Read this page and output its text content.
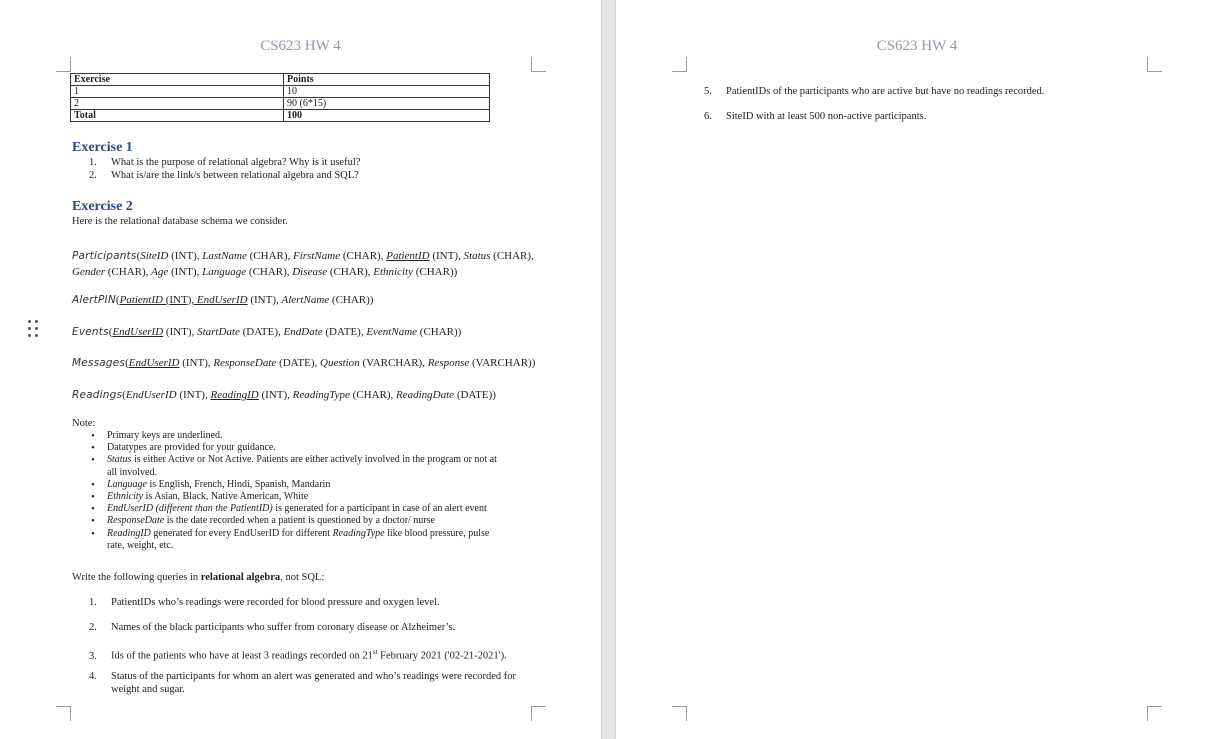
CS623 HW 4
Exercise	Points
1	10
2	90 (6*15)
Total	100
Exercise 1
1. What is the purpose of relational algebra? Why is it useful?
2. What is/are the link/s between relational algebra and SQL?
Exercise 2
Here is the relational database schema we consider.
Participants(SiteID (INT), LastName (CHAR), FirstName (CHAR), PatientID (INT), Status (CHAR),
Gender (CHAR), Age (INT), Language (CHAR), Disease (CHAR), Ethnicity (CHAR))
AlertPIN(PatientID (INT), EndUserID (INT), AlertName (CHAR))
Events(EndUserID (INT), StartDate (DATE), EndDate (DATE), EventName (CHAR))
Messages(EndUserID (INT), ResponseDate (DATE), Question (VARCHAR), Response (VARCHAR))
Readings(EndUserID (INT), ReadingID (INT), ReadingType (CHAR), ReadingDate (DATE))
Note:
• Primary keys are underlined.
• Datatypes are provided for your guidance.
• Status is either Active or Not Active. Patients are either actively involved in the program or not at
all involved.
• Language is English, French, Hindi, Spanish, Mandarin
• Ethnicity is Asian, Black, Native American, White
• EndUserID (different than the PatientID) is generated for a participant in case of an alert event
• ResponseDate is the date recorded when a patient is questioned by a doctor/ nurse
• ReadingID generated for every EndUserID for different ReadingType like blood pressure, pulse
rate, weight, etc.
Write the following queries in relational algebra, not SQL:
1. PatientIDs who’s readings were recorded for blood pressure and oxygen level.
2. Names of the black participants who suffer from coronary disease or Alzheimer’s.
3. Ids of the patients who have at least 3 readings recorded on 21st February 2021 ('02-21-2021').
4. Status of the participants for whom an alert was generated and who’s readings were recorded for
weight and sugar.
CS623 HW 4
5. PatientIDs of the participants who are active but have no readings recorded.
6. SiteID with at least 500 non-active participants.
